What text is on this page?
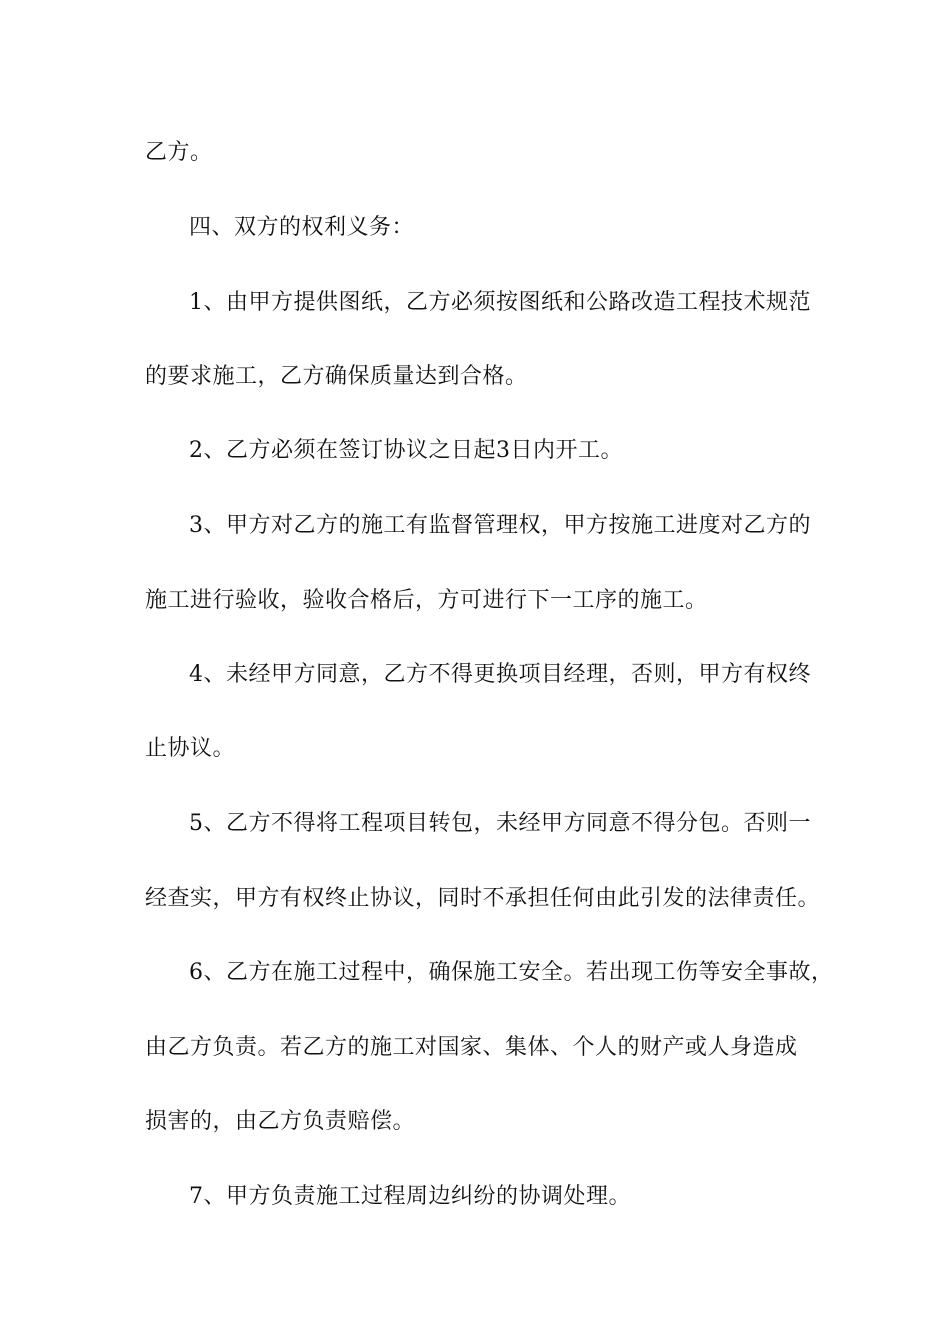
乙方。
四、双方的权利义务：
1、由甲方提供图纸，乙方必须按图纸和公路改造工程技术规范
的要求施工，乙方确保质量达到合格。
2、乙方必须在签订协议之日起3日内开工。
3、甲方对乙方的施工有监督管理权，甲方按施工进度对乙方的
施工进行验收，验收合格后，方可进行下一工序的施工。
4、未经甲方同意，乙方不得更换项目经理，否则，甲方有权终
止协议。
5、乙方不得将工程项目转包，未经甲方同意不得分包。否则一
经查实，甲方有权终止协议，同时不承担任何由此引发的法律责任。
6、乙方在施工过程中，确保施工安全。若出现工伤等安全事故，
由乙方负责。若乙方的施工对国家、集体、个人的财产或人身造成
损害的，由乙方负责赔偿。
7、甲方负责施工过程周边纠纷的协调处理。
